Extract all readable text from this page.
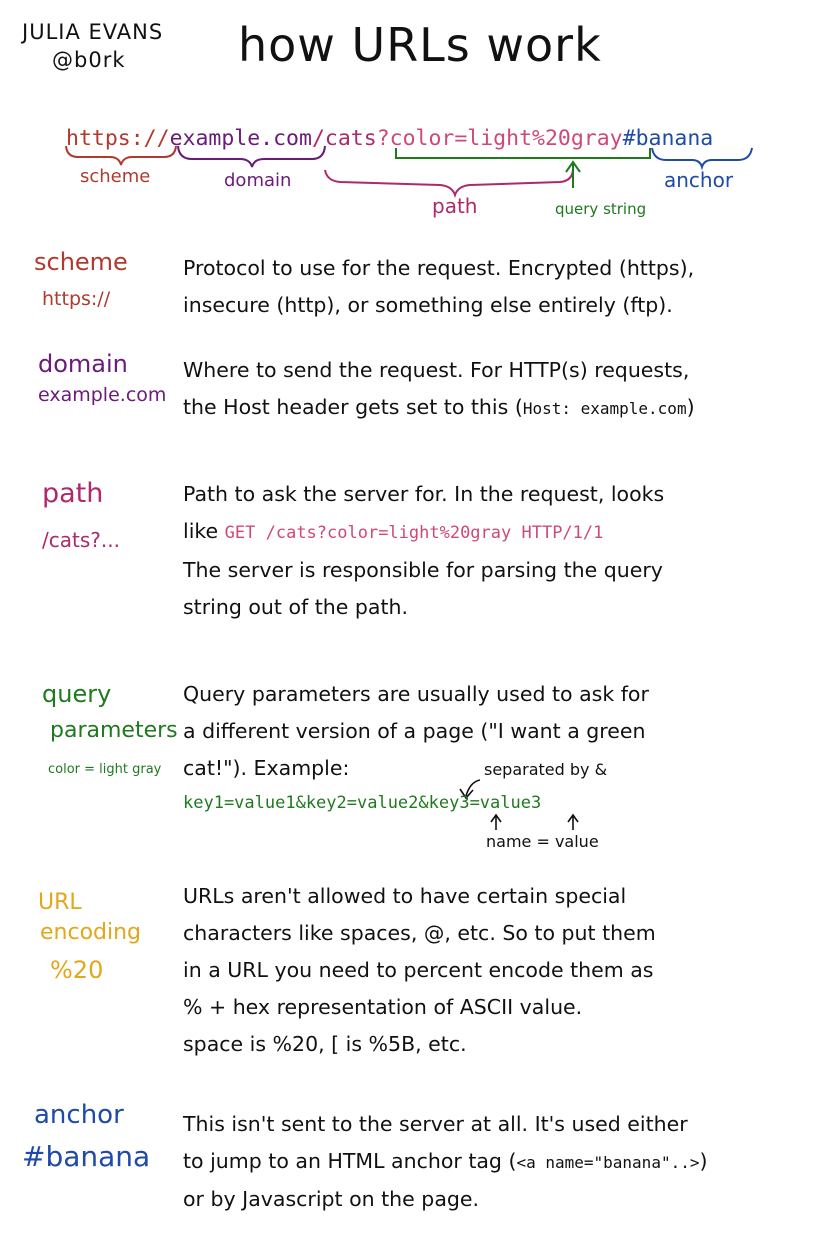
JULIA EVANS
@b0rk	how URLs work
https://example.com/cats?color=light%20gray#banana
scheme	domain
path	query string
anchor
scheme
https://
Protocol to use for the request. Encrypted (https),
insecure (http), or something else entirely (ftp).
domain
example.com
Where to send the request. For HTTP(s) requests,
the Host header gets set to this (Host: example.com)
path
/cats?...
Path to ask the server for. In the request, looks
like GET /cats?color=light%20gray HTTP/1/1
The server is responsible for parsing the query
string out of the path.
query
parameters
color = light gray
Query parameters are usually used to ask for
a different version of a page ("I want a green
cat!"). Example:
key1=value1&key2=value2&key3=value3
separated by &
name = value
URL
encoding
%20
URLs aren't allowed to have certain special
characters like spaces, @, etc. So to put them
in a URL you need to percent encode them as
% + hex representation of ASCII value.
space is %20, [ is %5B, etc.
anchor
#banana
This isn't sent to the server at all. It's used either
to jump to an HTML anchor tag (<a name="banana"..>)
or by Javascript on the page.
